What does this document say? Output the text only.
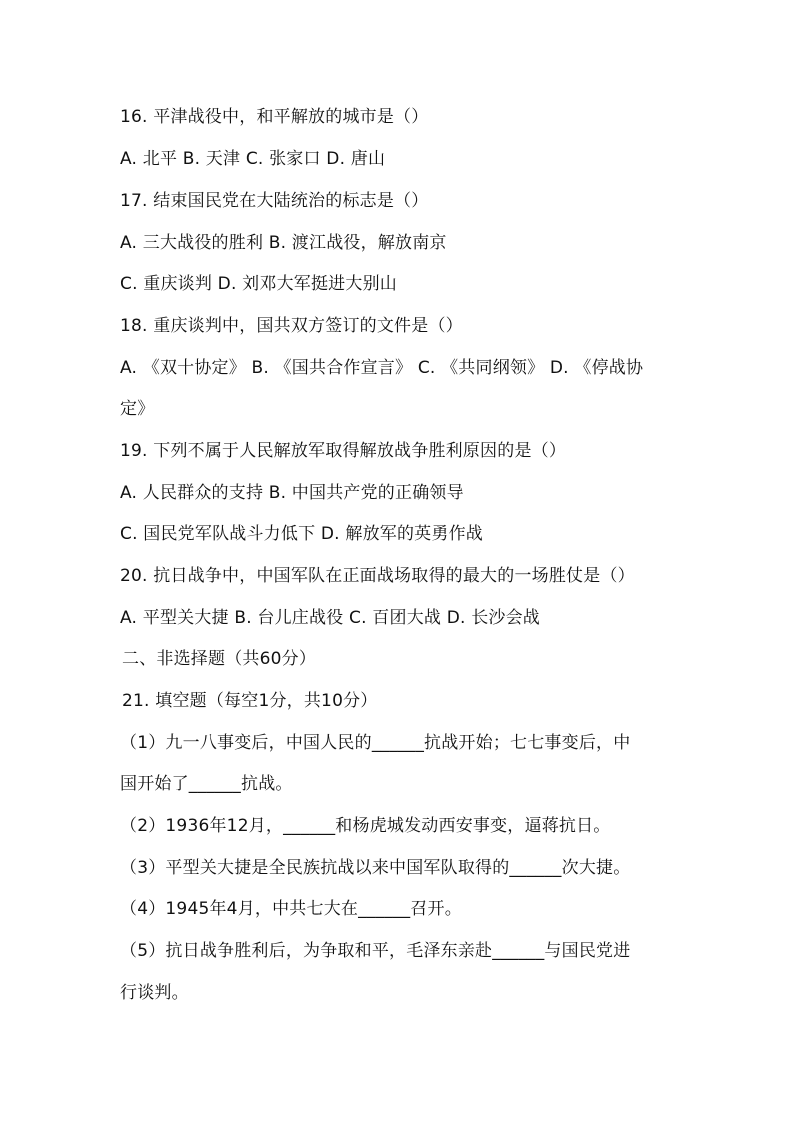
16. 平津战役中，和平解放的城市是（）
A. 北平 B. 天津 C. 张家口 D. 唐山
17. 结束国民党在大陆统治的标志是（）
A. 三大战役的胜利 B. 渡江战役，解放南京
C. 重庆谈判 D. 刘邓大军挺进大别山
18. 重庆谈判中，国共双方签订的文件是（）
A. 《双十协定》 B. 《国共合作宣言》 C. 《共同纲领》 D. 《停战协
定》
19. 下列不属于人民解放军取得解放战争胜利原因的是（）
A. 人民群众的支持 B. 中国共产党的正确领导
C. 国民党军队战斗力低下 D. 解放军的英勇作战
20. 抗日战争中，中国军队在正面战场取得的最大的一场胜仗是（）
A. 平型关大捷 B. 台儿庄战役 C. 百团大战 D. 长沙会战
二、非选择题（共60分）
21. 填空题（每空1分，共10分）
（1）九一八事变后，中国人民的______抗战开始；七七事变后，中
国开始了______抗战。
（2）1936年12月，______和杨虎城发动西安事变，逼蒋抗日。
（3）平型关大捷是全民族抗战以来中国军队取得的______次大捷。
（4）1945年4月，中共七大在______召开。
（5）抗日战争胜利后，为争取和平，毛泽东亲赴______与国民党进
行谈判。
